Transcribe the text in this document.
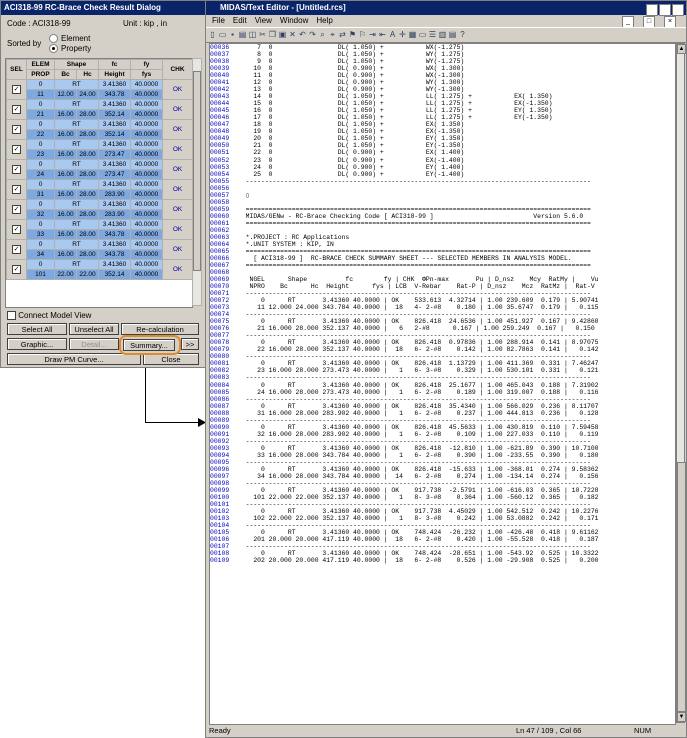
ACI318-99 RC-Brace Check Result Dialog
Code : ACI318-99	Unit : kip , in
Sorted by
Element
Property
SEL	ELEM	Shape		fc	fy	CHK
	PROP	Bc	Hc	Height	fys	
✓	0	RT		3.41360	40.0000	OK
	11	12.00	24.00	343.78	40.0000	
✓	0	RT		3.41360	40.0000	OK
	21	16.00	28.00	352.14	40.0000	
✓	0	RT		3.41360	40.0000	OK
	22	16.00	28.00	352.14	40.0000	
✓	0	RT		3.41360	40.0000	OK
	23	16.00	28.00	273.47	40.0000	
✓	0	RT		3.41360	40.0000	OK
	24	16.00	28.00	273.47	40.0000	
✓	0	RT		3.41360	40.0000	OK
	31	16.00	28.00	283.90	40.0000	
✓	0	RT		3.41360	40.0000	OK
	32	16.00	28.00	283.90	40.0000	
✓	0	RT		3.41360	40.0000	OK
	33	16.00	28.00	343.78	40.0000	
✓	0	RT		3.41360	40.0000	OK
	34	16.00	28.00	343.78	40.0000	
✓	0	RT		3.41360	40.0000	OK
	101	22.00	22.00	352.14	40.0000	
Connect Model View
Select All	Unselect All	Re-calculation
Graphic...	Detail...	Summary...	>>
Draw PM Curve...	Close
MIDAS/Text Editor - [Untitled.rcs]	_ □ ×
File Edit View Window Help	_ □ ×
▯ ▭ ▪ ▤ ◫ ✂ ❐ ▣ ✕ ↶ ↷ ⌕ ⌖ ⇄ ⚑ ⚐ ⇥ ⇤ A ✛ ▦ ▭ ☰ ▥ ▤ ?
00036     7  0                 DL( 1.050) +           WX(-1.275)
00037     8  0                 DL( 1.050) +           WY( 1.275)
00038     9  0                 DL( 1.050) +           WY(-1.275)
00039    10  0                 DL( 0.900) +           WX( 1.300)
00040    11  0                 DL( 0.900) +           WX(-1.300)
00041    12  0                 DL( 0.900) +           WY( 1.300)
00042    13  0                 DL( 0.900) +           WY(-1.300)
00043    14  0                 DL( 1.050) +           LL( 1.275) +           EX( 1.350)
00044    15  0                 DL( 1.050) +           LL( 1.275) +           EX(-1.350)
00045    16  0                 DL( 1.050) +           LL( 1.275) +           EY( 1.350)
00046    17  0                 DL( 1.050) +           LL( 1.275) +           EY(-1.350)
00047    18  0                 DL( 1.050) +           EX( 1.350)
00048    19  0                 DL( 1.050) +           EX(-1.350)
00049    20  0                 DL( 1.050) +           EY( 1.350)
00050    21  0                 DL( 1.050) +           EY(-1.350)
00051    22  0                 DL( 0.900) +           EX( 1.400)
00052    23  0                 DL( 0.900) +           EX(-1.400)
00053    24  0                 DL( 0.900) +           EY( 1.400)
00054    25  0                 DL( 0.900) +           EY(-1.400)
00055  ------------------------------------------------------------------------------------------
00056
00057  ▯
00058
00059  ==========================================================================================
00060  MIDAS/GENw - RC-Brace Checking Code [ ACI318-99 ]                          Version 5.6.0
00061  ==========================================================================================
00062
00063  *.PROJECT : RC Applications
00064  *.UNIT SYSTEM : KIP, IN
00065  ==========================================================================================
00066    [ ACI318-99 ]  RC-BRACE CHECK SUMMARY SHEET --- SELECTED MEMBERS IN ANALYSIS MODEL.
00067  ==========================================================================================
00068
00069   NGEL      Shape          fc        fy | CHK  ΦPn-max       Pu | D_nsz    Mcy  RatMy |    Vu
00070   NPRO    Bc      Hc  Height      fys | LCB  V-Rebar    Rat-P | D_nsz    Mcz  RatMz |  Rat-V
00071  ------------------------------------------------------------------------------------------
00072      0      RT       3.41360 40.0000 | OK    533.613  4.32714 | 1.00 239.609  0.179 | 5.90741
00073     11 12.000 24.000 343.784 40.0000 |  18   4- 2-#8    0.180 | 1.00 35.6747  0.179 |   0.115
00074  ------------------------------------------------------------------------------------------
00075      0      RT       3.41360 40.0000 | OK    826.418  24.6536 | 1.00 451.927  0.167 | 9.42860
00076     21 16.000 28.000 352.137 40.0000 |   6   2-#8      0.167 | 1.00 259.249  0.167 |   0.150
00077  ------------------------------------------------------------------------------------------
00078      0      RT       3.41360 40.0000 | OK    826.418  0.97836 | 1.00 288.914  0.141 | 8.97075
00079     22 16.000 28.000 352.137 40.0000 |  18   6- 2-#8    0.142 | 1.00 82.7863  0.141 |   0.142
00080  ------------------------------------------------------------------------------------------
00081      0      RT       3.41360 40.0000 | OK    826.418  1.13729 | 1.00 411.369  0.331 | 7.46247
00082     23 16.000 28.000 273.473 40.0000 |   1   6- 3-#8    0.329 | 1.00 530.101  0.331 |   0.121
00083  ------------------------------------------------------------------------------------------
00084      0      RT       3.41360 40.0000 | OK    826.418  25.1677 | 1.00 465.043  0.188 | 7.31902
00085     24 16.000 28.000 273.473 40.0000 |   1   6- 2-#8    0.189 | 1.00 319.007  0.188 |   0.116
00086  ------------------------------------------------------------------------------------------
00087      0      RT       3.41360 40.0000 | OK    826.418  35.4340 | 1.00 566.029  0.236 | 8.11707
00088     31 16.000 28.000 283.902 40.0000 |   1   6- 2-#8    0.237 | 1.00 444.813  0.236 |   0.128
00089  ------------------------------------------------------------------------------------------
00090      0      RT       3.41360 40.0000 | OK    826.418  45.5633 | 1.00 430.819  0.110 | 7.59458
00091     32 16.000 28.000 283.902 40.0000 |   1   6- 2-#8    0.109 | 1.00 227.033  0.110 |   0.119
00092  ------------------------------------------------------------------------------------------
00093      0      RT       3.41360 40.0000 | OK    826.418  -12.810 | 1.00 -621.89  0.390 | 10.7100
00094     33 16.000 28.000 343.784 40.0000 |   1   6- 2-#8    0.390 | 1.00 -233.55  0.390 |   0.180
00095  ------------------------------------------------------------------------------------------
00096      0      RT       3.41360 40.0000 | OK    826.418  -15.633 | 1.00 -368.01  0.274 | 9.58362
00097     34 16.000 28.000 343.784 40.0000 |  14   6- 2-#8    0.274 | 1.00 -134.14  0.274 |   0.156
00098  ------------------------------------------------------------------------------------------
00099      0      RT       3.41360 40.0000 | OK    917.738  -2.5791 | 1.00 -616.03  0.365 | 10.7228
00100    101 22.000 22.000 352.137 40.0000 |   1   8- 3-#8    0.364 | 1.00 -560.12  0.365 |   0.182
00101  ------------------------------------------------------------------------------------------
00102      0      RT       3.41360 40.0000 | OK    917.738  4.45029 | 1.00 542.512  0.242 | 10.2276
00103    102 22.000 22.000 352.137 40.0000 |   1   8- 3-#8    0.242 | 1.00 53.0882  0.242 |   0.171
00104  ------------------------------------------------------------------------------------------
00105      0      RT       3.41360 40.0000 | OK    748.424  -26.232 | 1.00 -426.48  0.418 | 9.61162
00106    201 20.000 20.000 417.119 40.0000 |  18   6- 2-#8    0.420 | 1.00 -55.528  0.418 |   0.187
00107  ------------------------------------------------------------------------------------------
00108      0      RT       3.41360 40.0000 | OK    748.424  -28.651 | 1.00 -543.92  0.525 | 10.3322
00109    202 20.000 20.000 417.119 40.0000 |  18   6- 2-#8    0.526 | 1.00 -29.908  0.525 |   0.200
▲
▼
Ready	Ln 47 / 109 , Col 66	NUM
